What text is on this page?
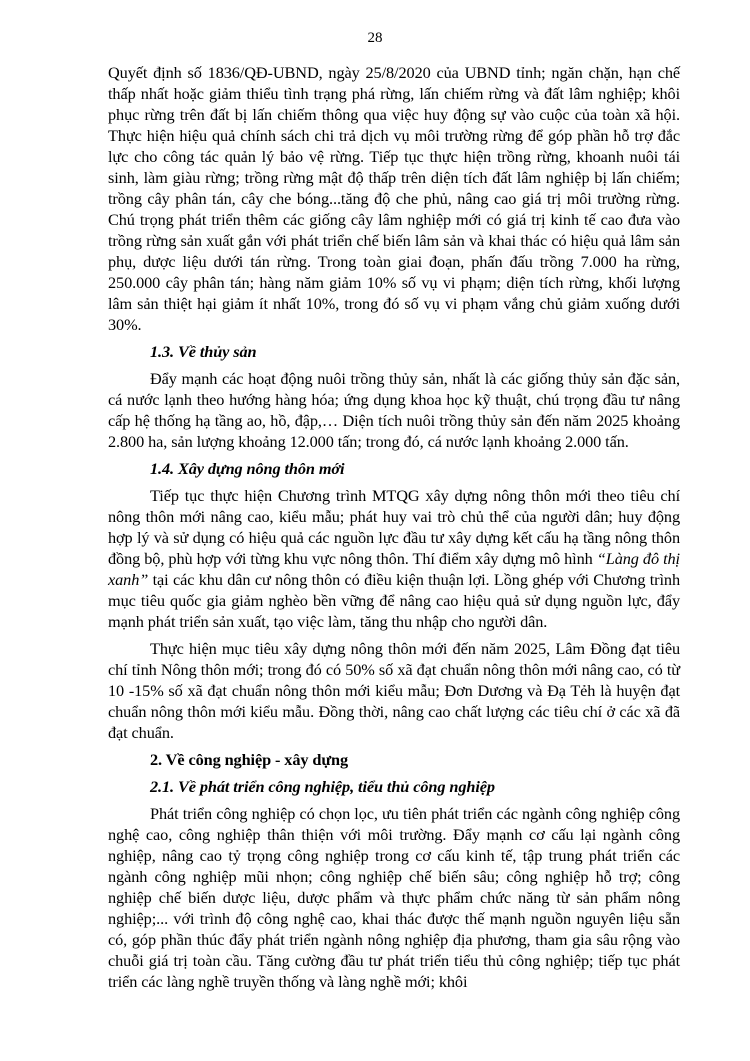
28

Quyết định số 1836/QĐ-UBND, ngày 25/8/2020 của UBND tỉnh; ngăn chặn, hạn chế thấp nhất hoặc giảm thiểu tình trạng phá rừng, lấn chiếm rừng và đất lâm nghiệp; khôi phục rừng trên đất bị lấn chiếm thông qua việc huy động sự vào cuộc của toàn xã hội. Thực hiện hiệu quả chính sách chi trả dịch vụ môi trường rừng để góp phần hỗ trợ đắc lực cho công tác quản lý bảo vệ rừng. Tiếp tục thực hiện trồng rừng, khoanh nuôi tái sinh, làm giàu rừng; trồng rừng mật độ thấp trên diện tích đất lâm nghiệp bị lấn chiếm; trồng cây phân tán, cây che bóng...tăng độ che phủ, nâng cao giá trị môi trường rừng. Chú trọng phát triển thêm các giống cây lâm nghiệp mới có giá trị kinh tế cao đưa vào trồng rừng sản xuất gắn với phát triển chế biến lâm sản và khai thác có hiệu quả lâm sản phụ, dược liệu dưới tán rừng. Trong toàn giai đoạn, phấn đấu trồng 7.000 ha rừng, 250.000 cây phân tán; hàng năm giảm 10% số vụ vi phạm; diện tích rừng, khối lượng lâm sản thiệt hại giảm ít nhất 10%, trong đó số vụ vi phạm vắng chủ giảm xuống dưới 30%.

1.3. Về thủy sản

Đẩy mạnh các hoạt động nuôi trồng thủy sản, nhất là các giống thủy sản đặc sản, cá nước lạnh theo hướng hàng hóa; ứng dụng khoa học kỹ thuật, chú trọng đầu tư nâng cấp hệ thống hạ tầng ao, hồ, đập,… Diện tích nuôi trồng thủy sản đến năm 2025 khoảng 2.800 ha, sản lượng khoảng 12.000 tấn; trong đó, cá nước lạnh khoảng 2.000 tấn.

1.4. Xây dựng nông thôn mới

Tiếp tục thực hiện Chương trình MTQG xây dựng nông thôn mới theo tiêu chí nông thôn mới nâng cao, kiểu mẫu; phát huy vai trò chủ thể của người dân; huy động hợp lý và sử dụng có hiệu quả các nguồn lực đầu tư xây dựng kết cấu hạ tầng nông thôn đồng bộ, phù hợp với từng khu vực nông thôn. Thí điểm xây dựng mô hình “Làng đô thị xanh” tại các khu dân cư nông thôn có điều kiện thuận lợi. Lồng ghép với Chương trình mục tiêu quốc gia giảm nghèo bền vững để nâng cao hiệu quả sử dụng nguồn lực, đẩy mạnh phát triển sản xuất, tạo việc làm, tăng thu nhập cho người dân.

Thực hiện mục tiêu xây dựng nông thôn mới đến năm 2025, Lâm Đồng đạt tiêu chí tỉnh Nông thôn mới; trong đó có 50% số xã đạt chuẩn nông thôn mới nâng cao, có từ 10 -15% số xã đạt chuẩn nông thôn mới kiểu mẫu; Đơn Dương và Đạ Tẻh là huyện đạt chuẩn nông thôn mới kiểu mẫu. Đồng thời, nâng cao chất lượng các tiêu chí ở các xã đã đạt chuẩn.

2. Về công nghiệp - xây dựng

2.1. Về phát triển công nghiệp, tiểu thủ công nghiệp

Phát triển công nghiệp có chọn lọc, ưu tiên phát triển các ngành công nghiệp công nghệ cao, công nghiệp thân thiện với môi trường. Đẩy mạnh cơ cấu lại ngành công nghiệp, nâng cao tỷ trọng công nghiệp trong cơ cấu kinh tế, tập trung phát triển các ngành công nghiệp mũi nhọn; công nghiệp chế biến sâu; công nghiệp hỗ trợ; công nghiệp chế biến dược liệu, dược phẩm và thực phẩm chức năng từ sản phẩm nông nghiệp;... với trình độ công nghệ cao, khai thác được thế mạnh nguồn nguyên liệu sẵn có, góp phần thúc đẩy phát triển ngành nông nghiệp địa phương, tham gia sâu rộng vào chuỗi giá trị toàn cầu. Tăng cường đầu tư phát triển tiểu thủ công nghiệp; tiếp tục phát triển các làng nghề truyền thống và làng nghề mới; khôi
